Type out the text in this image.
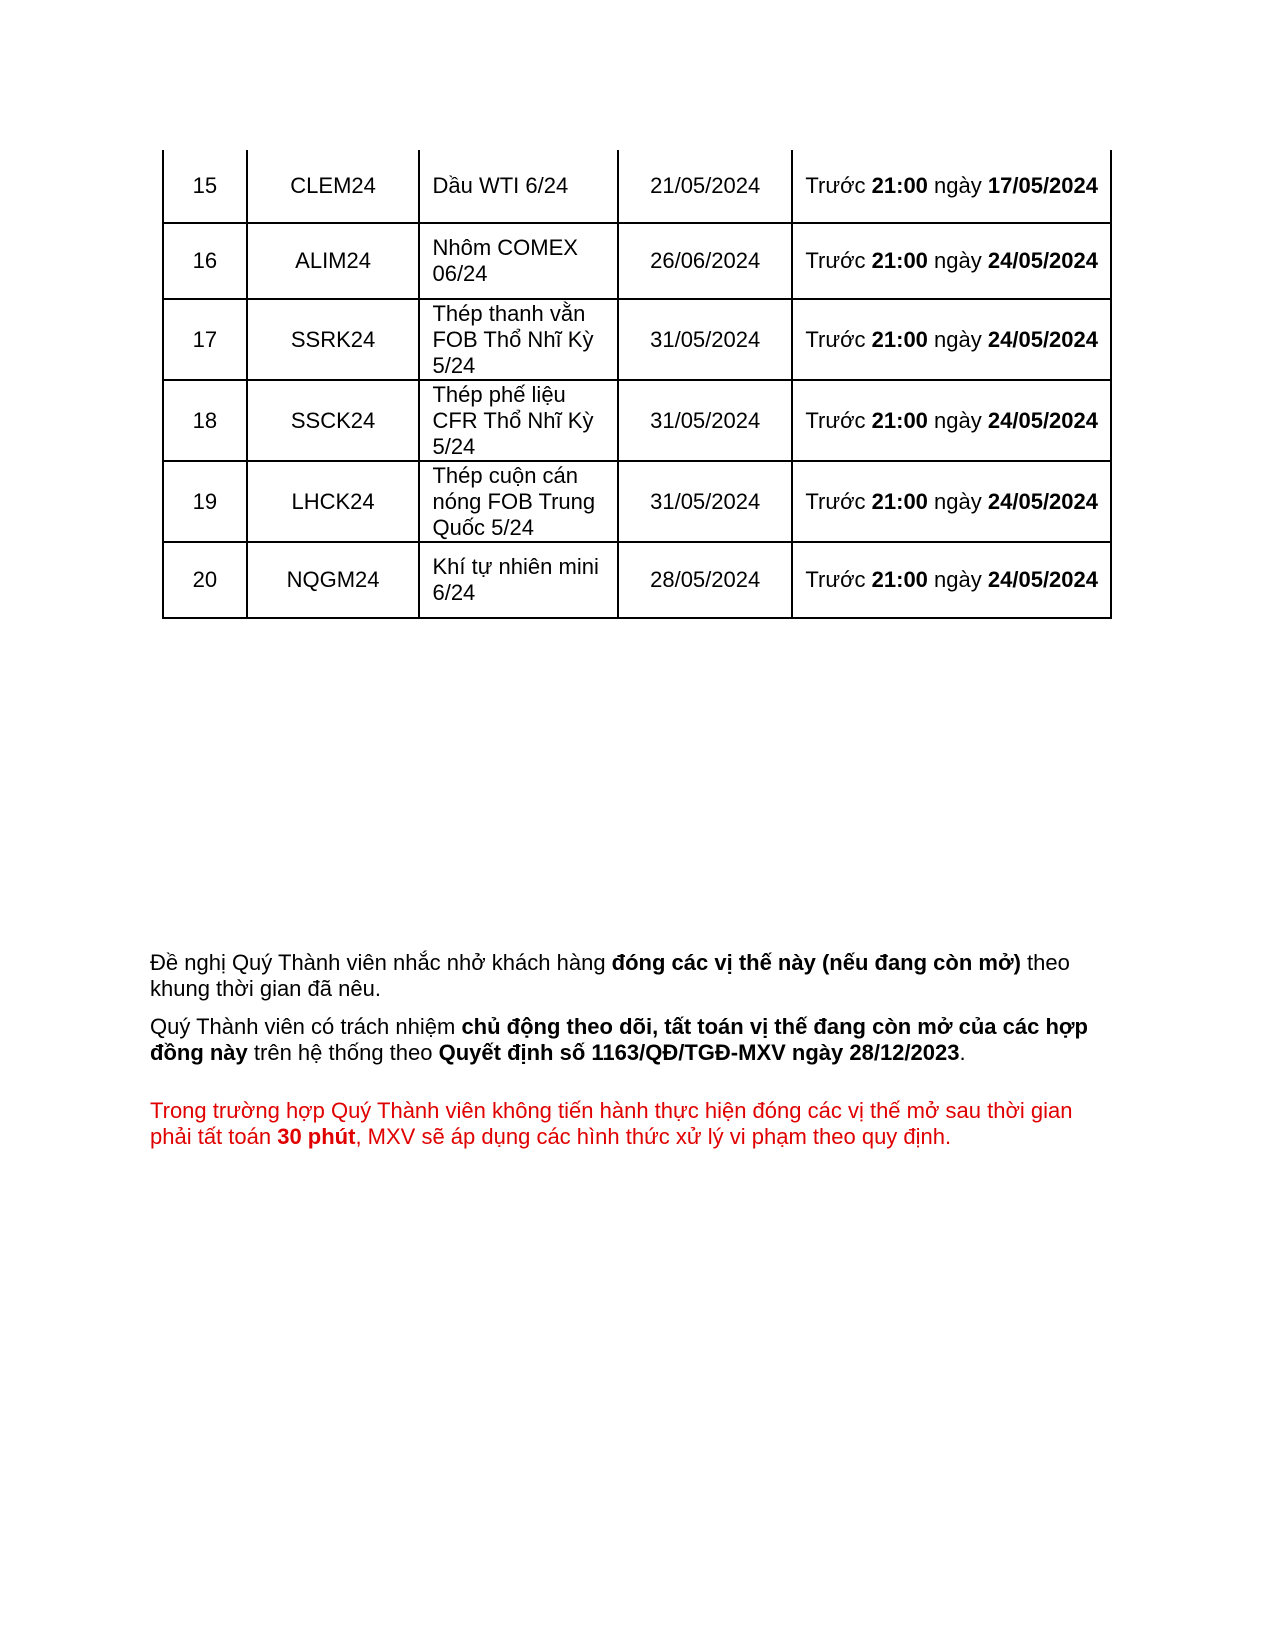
15	CLEM24	Dầu WTI 6/24	21/05/2024	Trước 21:00 ngày 17/05/2024
16	ALIM24	Nhôm COMEX 06/24	26/06/2024	Trước 21:00 ngày 24/05/2024
17	SSRK24	Thép thanh vằn FOB Thổ Nhĩ Kỳ 5/24	31/05/2024	Trước 21:00 ngày 24/05/2024
18	SSCK24	Thép phế liệu CFR Thổ Nhĩ Kỳ 5/24	31/05/2024	Trước 21:00 ngày 24/05/2024
19	LHCK24	Thép cuộn cán nóng FOB Trung Quốc 5/24	31/05/2024	Trước 21:00 ngày 24/05/2024
20	NQGM24	Khí tự nhiên mini 6/24	28/05/2024	Trước 21:00 ngày 24/05/2024

Đề nghị Quý Thành viên nhắc nhở khách hàng đóng các vị thế này (nếu đang còn mở) theo khung thời gian đã nêu.

Quý Thành viên có trách nhiệm chủ động theo dõi, tất toán vị thế đang còn mở của các hợp đồng này trên hệ thống theo Quyết định số 1163/QĐ/TGĐ-MXV ngày 28/12/2023.

Trong trường hợp Quý Thành viên không tiến hành thực hiện đóng các vị thế mở sau thời gian phải tất toán 30 phút, MXV sẽ áp dụng các hình thức xử lý vi phạm theo quy định.
